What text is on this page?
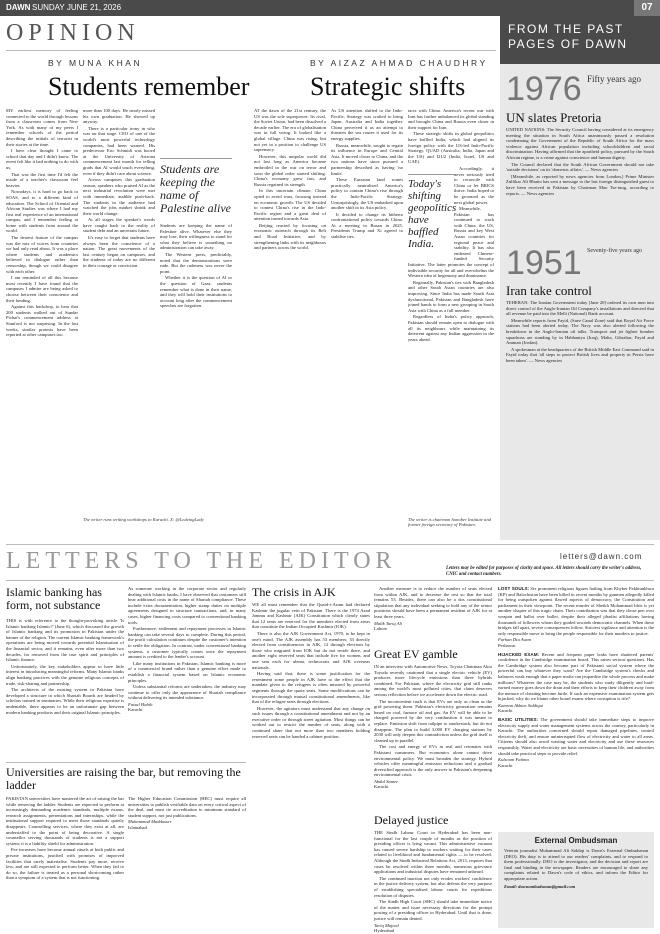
DAWN SUNDAY JUNE 21, 2026	07
OPINION
BY MUNA KHAN	BY AIZAZ AHMAD CHAUDHRY
Students remember

MY earliest memory of feeling connected to the world through lessons from a classroom comes from New York. As with many of my peers I remember schools of the period describing the initials of terrorist in their stories at the time.

I have clear thought I came to school that day and I didn't know. The event felt like it had nothing to do with us.

That was the first time I'd felt the inside of a teacher's classroom feel heavier.

Nowadays, it is hard to go back to SOAS, and to a different kind of education. The School of Oriental and African Studies was where I had my first real experience of an international campus, and I remember feeling at home with students from around the world.

The dearest feature of the campus was the mix of voices from countries we had only read about. It was a place where students and academics believed in dialogue rather than censorship, though we could disagree with each other.

I am reminded of all this because most recently I have found that the campuses I admire are being asked to choose between their conscience and their funding.

Against this backdrop, to hear that 200 students walked out of Sundar Pichai's commencement address at Stanford is not surprising. In the last weeks, similar protests have been reported at other campuses too.

more than 100 days. He nearly missed his own graduation. He showed up anyway.

There is a particular irony in who was on that stage. CEO of one of the world's most powerful technology companies, had been warned. His predecessor Eric Schmidt was booed at the University of Arizona commencement last month for telling grads that AI would touch everything, even if they didn't care about science.

Across campuses this graduation season, speakers who praised AI as the next industrial revolution were met with immediate, audible push-back. The students in the audience had watched the jobs market shrink and their world change.

At all stages the speaker's words have caught back to the reality of student debt and an uncertain future.

It's easy to forget that students have always been the conscience of a nation. The great movements of the last century began on campuses, and the students of today are no different in their courage or conviction.

Students are keeping the name of Palestine alive

Students are keeping the name of Palestine alive. Whatever else they may lose, their willingness to stand for what they believe is something no administration can take away.

The Western press, predictably, noted that the demonstrations were rude. But the rudeness was never the point.

Whether it is the question of AI or the question of Gaza, students remember what is done in their name, and they will hold their institutions to account long after the commencement speeches are forgotten.

The writer runs writing workshops in Karachi. X: @LedeingLady
Strategic shifts

AT the dawn of the 21st century, the US was the sole superpower. Its rival, the Soviet Union, had been dissolved a decade earlier. The era of globalisation was in full swing. It looked like a global village. China was rising, but not yet in a position to challenge US supremacy.

However, this unipolar world did not last long as America became embroiled in the war on terror and soon the global order started shifting. China's economy grew fast, and Russia regained its strength.

In this uncertain climate, China opted to avoid wars, focusing instead on economic growth. The US decided to contest China's rise in the Indo-Pacific region and a great deal of attention turned towards Asia.

Beijing reacted by focusing on economic outreach through its Belt and Road Initiative, and by strengthening links with its neighbours and partners across the world.

As US attention shifted to the Indo-Pacific, Strategy was crafted to bring Japan, Australia and India together. China perceived it as an attempt to threaten the sea routes it used for its energy supplies.

Russia, meanwhile, sought to regain its influence in Europe and Central Asia. It moved closer to China, and the two nations have since pursued a partnership described as having 'no limits'.

These Eurasian land routes practically neutralised America's policy to contain China's rise through the Indo-Pacific Strategy. Unsurprisingly, the US embarked upon another shift in its Asia policy.

It decided to change its hitherto confrontational policy towards China. At a meeting in Busan in 2025, Presidents Trump and Xi agreed to stabilise ties.

tacts with China. America's recent war with Iran has further unbalanced its global standing and brought China and Russia even closer in their support for Iran.

These strategic shifts in global geopolitics have baffled India, which had aligned its foreign policy with the US-led Indo-Pacific Strategy, QUAD (Australia, India, Japan and the US) and I2U2 (India, Israel, US and UAE).

Today's shifting geopolitics have baffled India.

Accordingly, it never seriously tried to reconcile with China or let BRICS thrive. India hoped to be groomed as the next global power.

Meanwhile, Pakistan has continued to work with China, the US, Russia and key West Asian countries for regional peace and stability. It has also endeared Chinese-funded Security Initiative. The latter promotes the concept of indivisible security for all and overwhelms the Western idea of hegemony and dominance.

Regionally, Pakistan's ties with Bangladesh and other South Asian countries are also improving. Since India has made South Asia dysfunctional, Pakistan and Bangladesh have joined hands to form a new grouping in South Asia with China as a full member.

Regardless of India's policy approach, Pakistan should remain open to dialogue with all its neighbours while maintaining its deterrent against any Indian aggression in the years ahead.

The writer is chairman Sanober Institute and former foreign secretary of Pakistan.
FROM THE PAST PAGES OF DAWN
1976 Fifty years ago
UN slates Pretoria

UNITED NATIONS: The Security Council having considered at its emergency meeting the situation in South Africa unanimously passed a resolution condemning the Government of the Republic of South Africa for the mass violence against African population including schoolchildren and racial discrimination. Having affirmed that the apartheid policy, pursued by the South African regime, is a crime against conscience and human dignity.

The Council declared that the South African Government should not take 'outside decisions' on its 'domestic affairs'. — News agencies

[Meanwhile, as reported by news agencies from London,] Prime Minister Zulfikar Ali Bhutto has sent a message to the last foreign distinguished guest to have been received in Pakistan by Chairman Mao Tse-tung, according to reports. — News agencies

1951 Seventy-five years ago
Iran take control

TEHERAN: The Iranian Government today [June 20] ordered its own men into direct control of the Anglo-Iranian Oil Company's installations and directed that all revenue be paid into the Melli (National) Bank account.

Meanwhile reports from Fayid, (Suez Canal Zone) said that Royal Air Force stations had been alerted today. The Navy was also alerted following the breakdown in the Anglo-Iranian oil talks. Transport and jet fighter bomber squadrons are standing by in Habbaniya (Iraq), Malta, Gibraltar, Fayid and Amman (Jordan).

A spokesman at the headquarters of the British Middle East Command said in Fayid today that 'all steps to protect British lives and property in Persia have been taken'. — News agencies

LETTERS TO THE EDITOR	letters@dawn.com
Letters may be edited for purposes of clarity and space. All letters should carry the writer's address, CNIC and contact numbers.
Islamic banking has form, not substance

THIS is with reference to the thought-provoking article 'Is Islamic banking Islamic?' (June 6), which discussed the growth of Islamic banking and its promotion in Pakistan under the banner of the religion. The current Islamic banking framework's operations are being moved towards potential Islamisation of the financial sector, and it remains, even after more than two decades, far removed from the true spirit and principles of Islamic finance.

Unfortunately, the key stakeholders appear to have little interest in introducing meaningful reforms. Many Islamic banks align banking practices with the genuine religious concepts of trade, risk-sharing and partnership.

The architects of the existing system in Pakistan have developed a structure in which Shariah Boards are headed by scholars trained in seminaries. While their religious expertise is undeniable, there appears to be an unfortunate gap between modern banking products and their original Islamic principles.

As someone working in the corporate sector and regularly dealing with Islamic banks, I have observed that customers still bear additional costs in the name of Shariah compliance. These include extra documentation, higher stamp duties on multiple agreements designed to structure transactions, and, in many cases, higher financing costs compared to conventional banking tools.

Furthermore, settlement and repayment processes in Islamic banking can take several days to complete. During this period, the profit calculation continues despite the customer's intention to settle the obligation. In contrast, under conventional banking systems, a customer typically comes once the repayment amount is credited to the lender's account.

Like many institutions in Pakistan, Islamic banking is more of a commercial brand rather than a genuine effort made to establish a financial system based on Islamic economic principles.

Unless substantial reforms are undertaken, the industry may continue to offer only the appearance of Shariah compliance without delivering its intended substance.

Faisal Habib
Karachi
Universities are raising the bar, but removing the ladder

PAKISTAN universities have mastered the art of raising the bar while removing the ladder. Students are expected to perform at increasingly demanding academic standards, multiple exams, research assignments, presentations and internships, while the institutional support required to meet those standards quietly disappears. Counselling services, where they exist at all, are understaffed to the point of being decorative. A single counsellor serving thousands of students is not a support system; it is a liability shield for administration.

Fee increases have become annual rituals at both public and private institutions, justified with promises of improved facilities that rarely materialise. Students pay more, receive less, and are still expected to perform better. When they fail to do so, the failure is treated as a personal shortcoming rather than a symptom of a system that is not functioning.

The Higher Education Commission (HEC) must require all universities to publish verifiable data on every critical aspect of the deal, and must tie accreditation to minimum standard of student support, not just publications.

Muhammad Muddasser
Islamabad
The crisis in AJK

WE all must remember that the Quaid-i-Azam had declared Kashmir the jugular vein of Pakistan. There is the 1974 Azad Jammu and Kashmir (AJK) Constitution which clearly states that 12 seats are reserved for the members elected from areas that constitute the Indian Occupied Kashmir (IOK).

There is also the AJK Government Act, 1970, to be kept in one's mind. The AJK assembly has 53 members; 33 directly elected from constituencies in AJK, 12 through elections by those who migrated from IOK but do not reside there, and another eight reserved seats that include five for women, and one seat each for ulema, technocrats and AJK overseas nationals.

Having said that, there is some justification for the resentment some people in AJK have to the effect that the mandate given to the refugees is often misused by powerful segments through the quota seats. Some modifications can be incorporated through mutual constitutional amendments, like that of the refugee seats through elections.

However, the agitators must understand that any change on such issues through a constitutional amendment and not by an executive order or through street agitation. Most things can be worked out to restrict the number of seats, along with a continued share that not more than two members holding reserved seats can be handed a cabinet position.

Another measure is to reduce the number of seats elected from within AJK, and to decrease the rest so that the total remains 53. Besides, there can also be a dos constitutional stipulation that any individual seeking to hold any of the senior positions should have been a permanent resident of AJK for at least three years.

Malik Tariq Ali
Lahore
Great EV gamble

IN an interview with Automotive News, Toyota Chairman Akio Toyoda recently cautioned that a single electric vehicle (EV) produces more lifecycle emissions than three hybrids combined. For Pakistan, where the electricity grid still ranks among the world's most polluted cities, that claim deserves serious reflection before we accelerate down the electric road.

The inconvenient truth is that EVs are only as clean as the grid powering them. Pakistan's electricity generation remains based on coal, furnace oil and gas. An EV will be able to be charged powered by the very combustion it was meant to replace. Emission shift from tailpipe to smokestack, but do not disappear. The plan to build 3,000 EV charging stations by 2030 will only deepen this contradiction unless the grid itself is cleaned up in parallel.

The cost and energy of EVs in real and resonates with Pakistani consumers. But economics alone cannot drive environmental policy. We must broaden the strategy. Hybrid vehicles offer meaningful emission reductions and a gradual diversified approach is the only answer to Pakistan's deepening environmental crisis.

Abdul Samee
Karachi
Delayed justice

THE Sindh Labour Court in Hyderabad has been non-functional for the last couple of months as the position of presiding officer is lying vacant. This administrative vacuum has caused severe hardship to workers waiting for their cases related to livelihood and fundamental rights — to be resolved. Although the Sindh Industrial Relations Act, 2013, requires that cases be resolved within three months, numerous grievance applications and industrial disputes have remained unheard.

The continued inaction not only erodes workers' confidence in the justice delivery system, but also defeats the very purpose of establishing specialised labour courts for expeditious resolution of disputes.

The Sindh High Court (SHC) should take immediate notice of the matter and issue necessary directions for the prompt posting of a presiding officer in Hyderabad. Until that is done, justice will remain denied.

Tariq Majeed
Hyderabad
LOST SOULS: Six prominent religious figures hailing from Khyber Pakhtunkhwa (KP) and Balochistan have been killed in recent months by gunmen allegedly killed for being outspoken against flawed aspects of democracy, the Constitution and parliament in their viewpoint. The recent murder of Sheikh Mohammad Idris is yet another chapter of this tragic chain. Their contribution was that they chose pen over weapon and ballot over bullet, despite their alleged jihadist affiliations having thousands of followers whom they guided towards democratic channels. When these bridges fall apart, severe consequences follow. Strictest vigilance and attention is the only responsible move to bring the people responsible for their murders to justice.
Farhan Diu Awan
Peshawar
HIJACKED EXAM: Recent and frequent paper leaks have shattered parents' confidence in the Cambridge examination board. This raises serious questions. Has the Cambridge system also become part of Pakistani social system where the powerful can buy whatever they want? Are the Cambridge system's checks and balances weak enough that a paper mafia can jeopardise the whole process and make millions? Whatever the case may be, the students who study diligently and hard-earned money goes down the drain and their efforts to keep their children away from the menace of cheating become futile. If such an expensive examination system gets hijacked, why do we blame other board exams where corruption is rife?
Kamran Akhtar Siddiqui
Karachi
BASIC UTILITIES: The government should take immediate steps to improve electricity supply and water management systems across the country, particularly in Karachi. The authorities concerned should repair damaged pipelines, control electricity theft, and ensure uninterrupted flow of electricity and water to all areas. Citizens should also avoid wasting water and electricity and use these resources responsibly. Water and electricity are basic necessities of human life, and authorities should take practical steps to provide relief.
Kulsoom Fatima
Karachi
External Ombudsman
Veteran journalist Muhammad Ali Siddiqi is Dawn's External Ombudsman (DEO). His duty is to attend to our readers' complaints, and to respond to them professionally. DEO is the investigator, and the decision and report are final and binding in the newspaper. Readers are encouraged to share any complaints related to Dawn's code of ethics, and inform the Editor for appropriate action.
Email: dawnombudsman@gmail.com
